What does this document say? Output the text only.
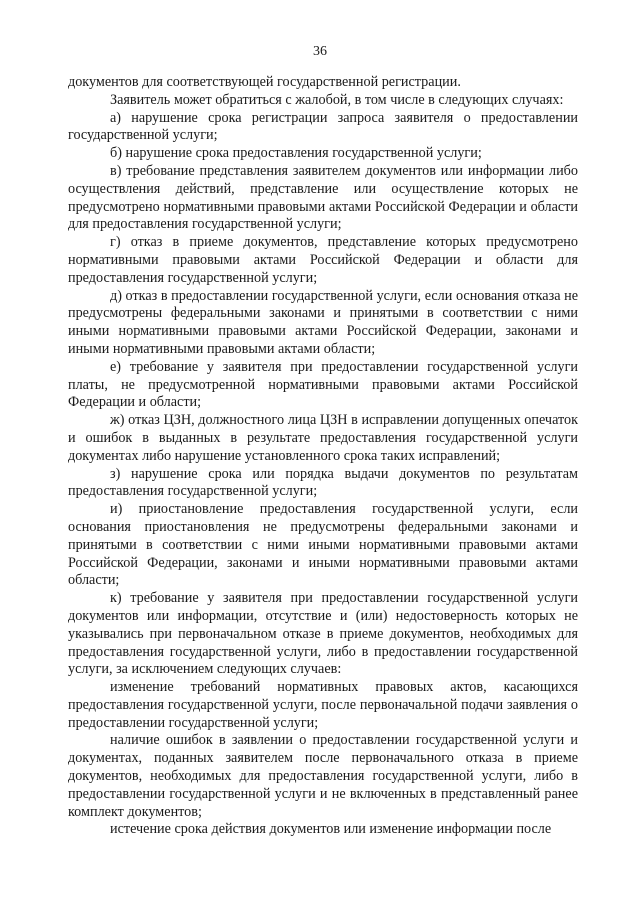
36

документов для соответствующей государственной регистрации.

Заявитель может обратиться с жалобой, в том числе в следующих случаях:

а) нарушение срока регистрации запроса заявителя о предоставлении государственной услуги;

б) нарушение срока предоставления государственной услуги;

в) требование представления заявителем документов или информации либо осуществления действий, представление или осуществление которых не предусмотрено нормативными правовыми актами Российской Федерации и области для предоставления государственной услуги;

г) отказ в приеме документов, представление которых предусмотрено нормативными правовыми актами Российской Федерации и области для предоставления государственной услуги;

д) отказ в предоставлении государственной услуги, если основания отказа не предусмотрены федеральными законами и принятыми в соответствии с ними иными нормативными правовыми актами Российской Федерации, законами и иными нормативными правовыми актами области;

е) требование у заявителя при предоставлении государственной услуги платы, не предусмотренной нормативными правовыми актами Российской Федерации и области;

ж) отказ ЦЗН, должностного лица ЦЗН в исправлении допущенных опечаток и ошибок в выданных в результате предоставления государственной услуги документах либо нарушение установленного срока таких исправлений;

з) нарушение срока или порядка выдачи документов по результатам предоставления государственной услуги;

и) приостановление предоставления государственной услуги, если основания приостановления не предусмотрены федеральными законами и принятыми в соответствии с ними иными нормативными правовыми актами Российской Федерации, законами и иными нормативными правовыми актами области;

к) требование у заявителя при предоставлении государственной услуги документов или информации, отсутствие и (или) недостоверность которых не указывались при первоначальном отказе в приеме документов, необходимых для предоставления государственной услуги, либо в предоставлении государственной услуги, за исключением следующих случаев:

изменение требований нормативных правовых актов, касающихся предоставления государственной услуги, после первоначальной подачи заявления о предоставлении государственной услуги;

наличие ошибок в заявлении о предоставлении государственной услуги и документах, поданных заявителем после первоначального отказа в приеме документов, необходимых для предоставления государственной услуги, либо в предоставлении государственной услуги и не включенных в представленный ранее комплект документов;

истечение срока действия документов или изменение информации после
